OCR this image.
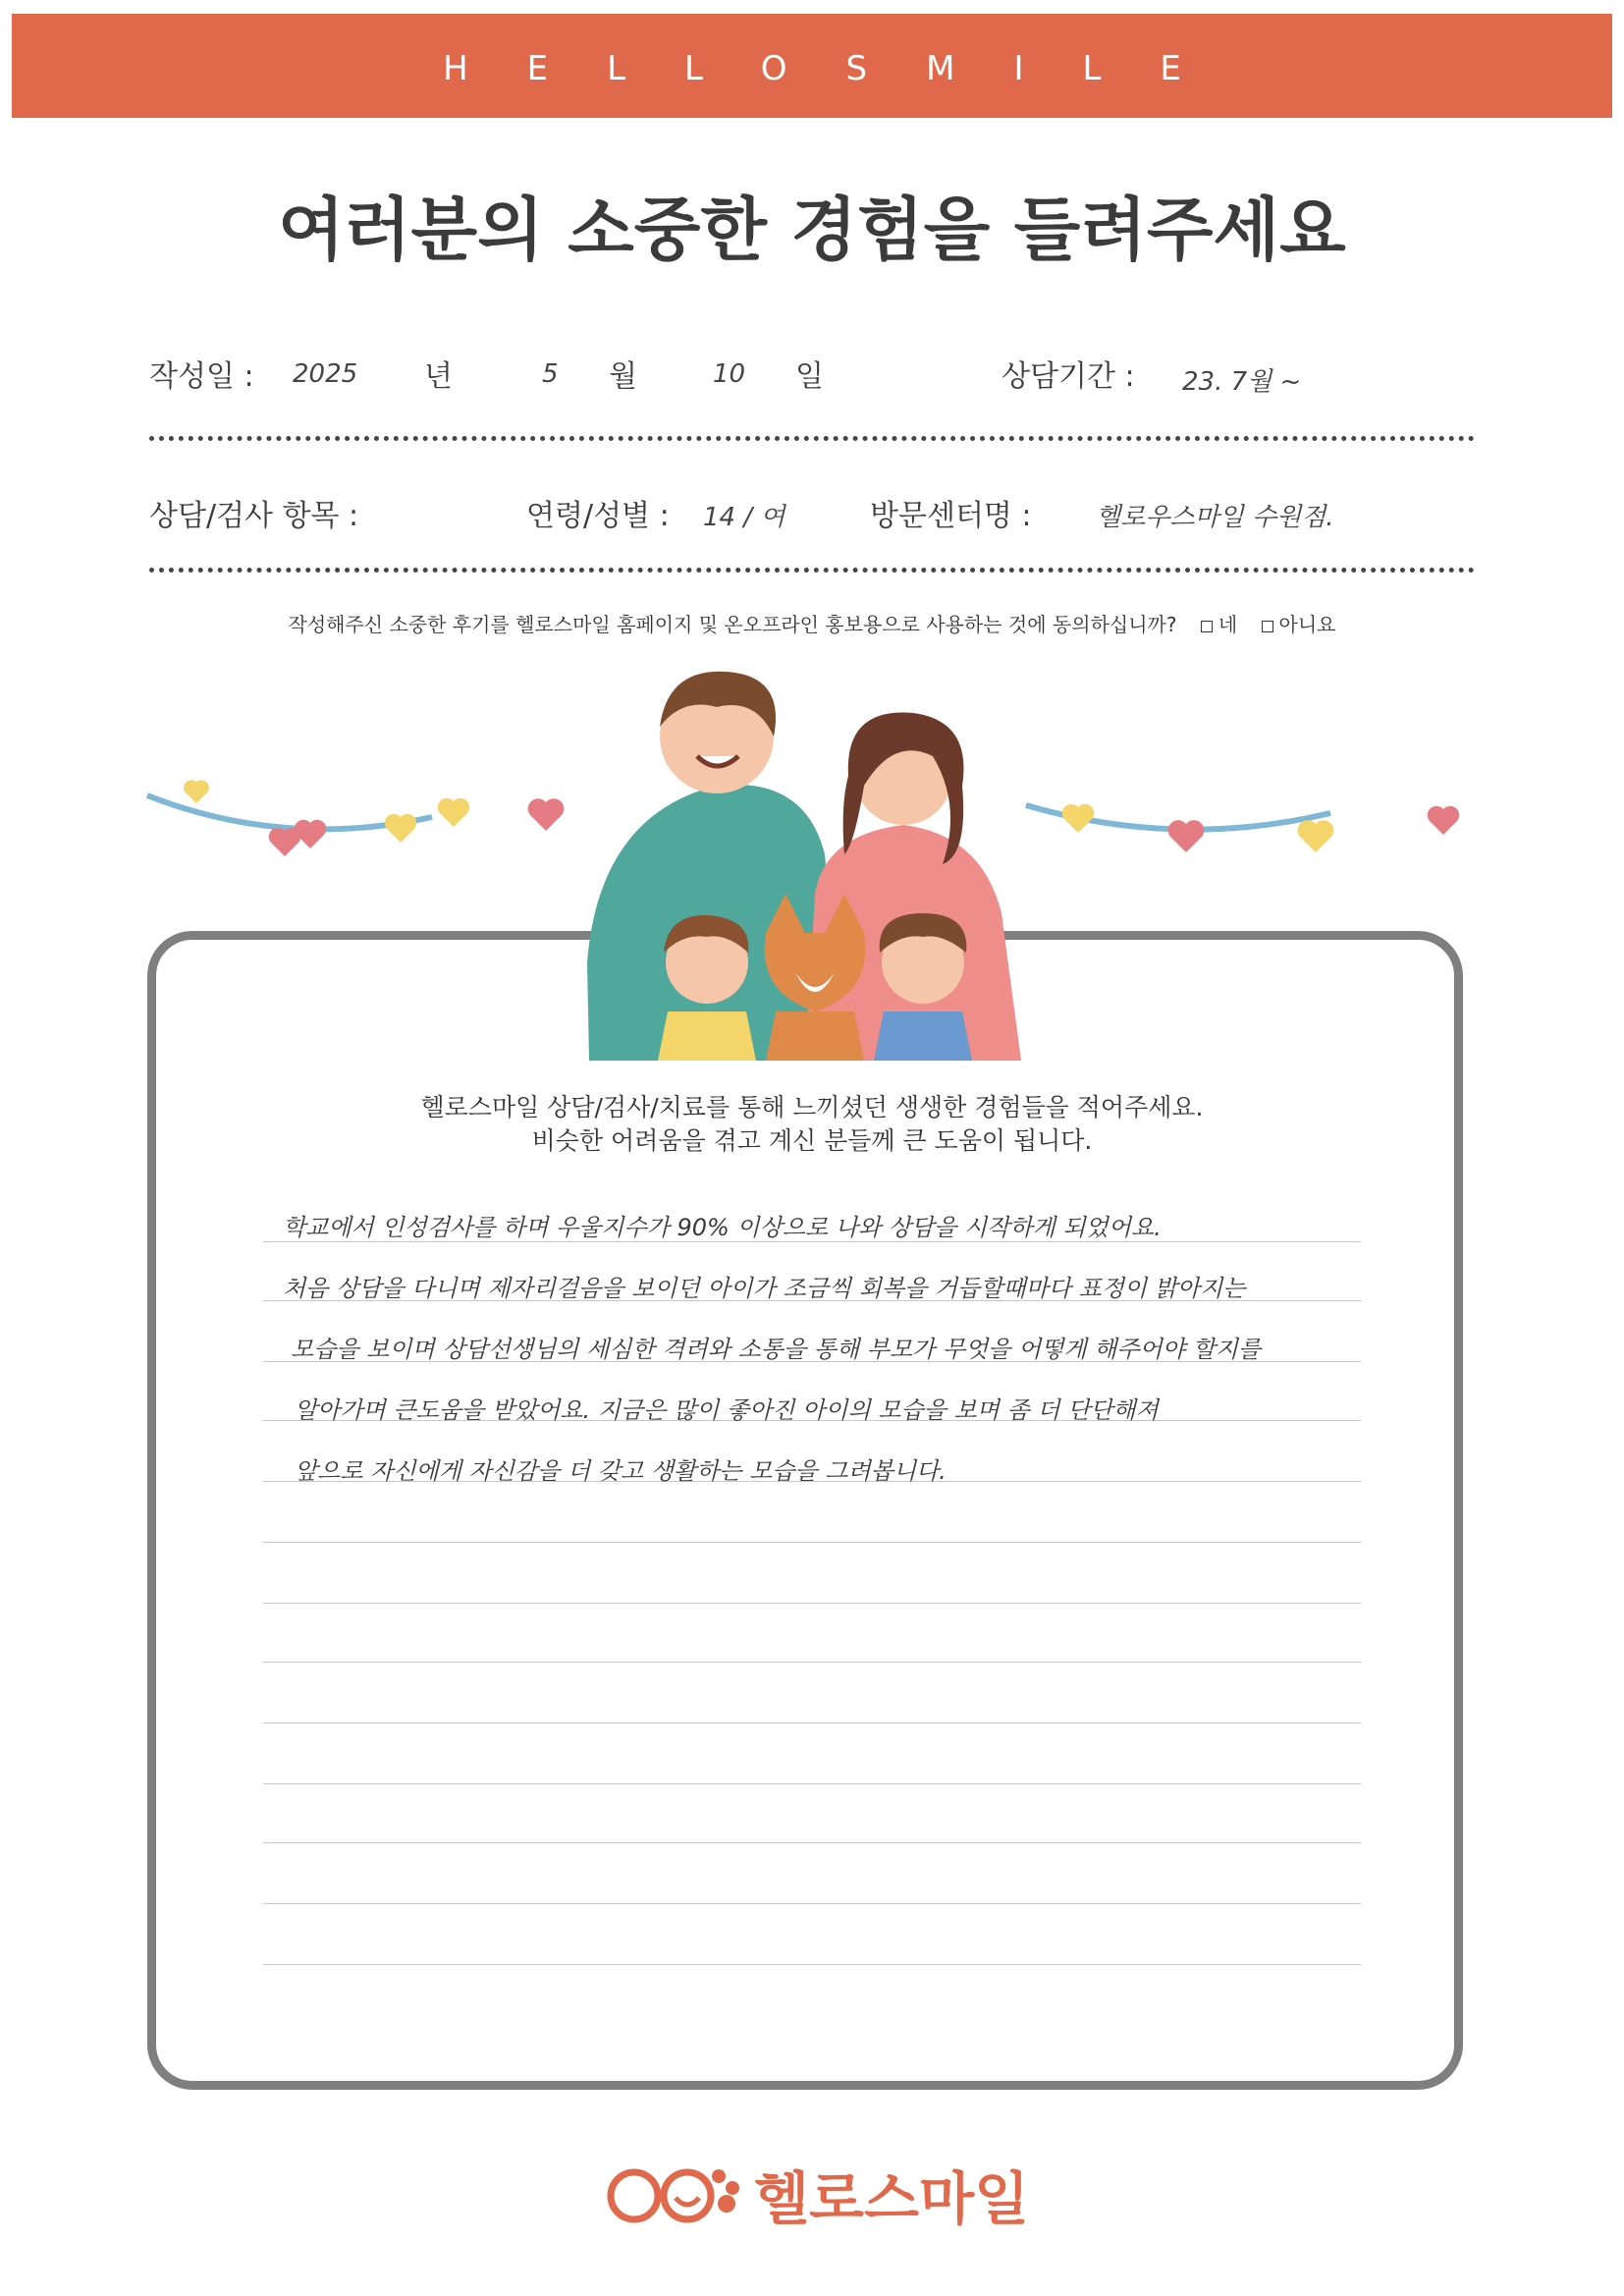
HELLOSMILE
여러분의 소중한 경험을 들려주세요
작성일 : 2025 년	5 월	10 일	상담기간 : 23. 7월 ~
상담/검사 항목 :	연령/성별 : 14 / 여	방문센터명 :	헬로우스마일 수원점.
작성해주신 소중한 후기를 헬로스마일 홈페이지 및 온오프라인 홍보용으로 사용하는 것에 동의하십니까? 네 아니요
헬로스마일 상담/검사/치료를 통해 느끼셨던 생생한 경험들을 적어주세요.
비슷한 어려움을 겪고 계신 분들께 큰 도움이 됩니다.
학교에서 인성검사를 하며 우울지수가 90% 이상으로 나와 상담을 시작하게 되었어요.
처음 상담을 다니며 제자리걸음을 보이던 아이가 조금씩 회복을 거듭할때마다 표정이 밝아지는
모습을 보이며 상담선생님의 세심한 격려와 소통을 통해 부모가 무엇을 어떻게 해주어야 할지를
알아가며 큰도움을 받았어요. 지금은 많이 좋아진 아이의 모습을 보며 좀 더 단단해져
앞으로 자신에게 자신감을 더 갖고 생활하는 모습을 그려봅니다.
헬로스마일
